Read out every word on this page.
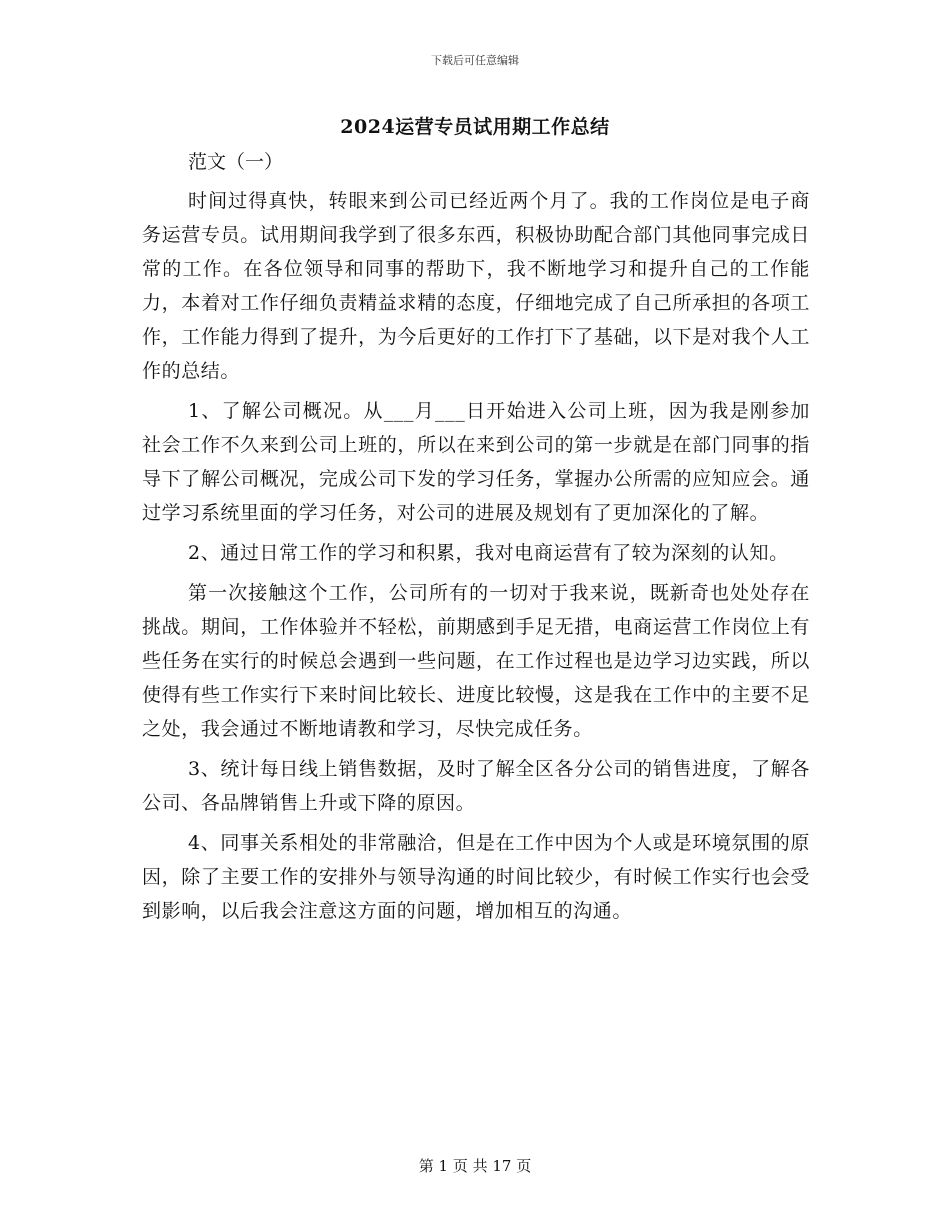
下载后可任意编辑
2024运营专员试用期工作总结
范文（一）

时间过得真快，转眼来到公司已经近两个月了。我的工作岗位是电子商务运营专员。试用期间我学到了很多东西，积极协助配合部门其他同事完成日常的工作。在各位领导和同事的帮助下，我不断地学习和提升自己的工作能力，本着对工作仔细负责精益求精的态度，仔细地完成了自己所承担的各项工作，工作能力得到了提升，为今后更好的工作打下了基础，以下是对我个人工作的总结。

1、了解公司概况。从___月___日开始进入公司上班，因为我是刚参加社会工作不久来到公司上班的，所以在来到公司的第一步就是在部门同事的指导下了解公司概况，完成公司下发的学习任务，掌握办公所需的应知应会。通过学习系统里面的学习任务，对公司的进展及规划有了更加深化的了解。

2、通过日常工作的学习和积累，我对电商运营有了较为深刻的认知。

第一次接触这个工作，公司所有的一切对于我来说，既新奇也处处存在挑战。期间，工作体验并不轻松，前期感到手足无措，电商运营工作岗位上有些任务在实行的时候总会遇到一些问题，在工作过程也是边学习边实践，所以使得有些工作实行下来时间比较长、进度比较慢，这是我在工作中的主要不足之处，我会通过不断地请教和学习，尽快完成任务。

3、统计每日线上销售数据，及时了解全区各分公司的销售进度，了解各公司、各品牌销售上升或下降的原因。

4、同事关系相处的非常融洽，但是在工作中因为个人或是环境氛围的原因，除了主要工作的安排外与领导沟通的时间比较少，有时候工作实行也会受到影响，以后我会注意这方面的问题，增加相互的沟通。

第 1 页 共 17 页
